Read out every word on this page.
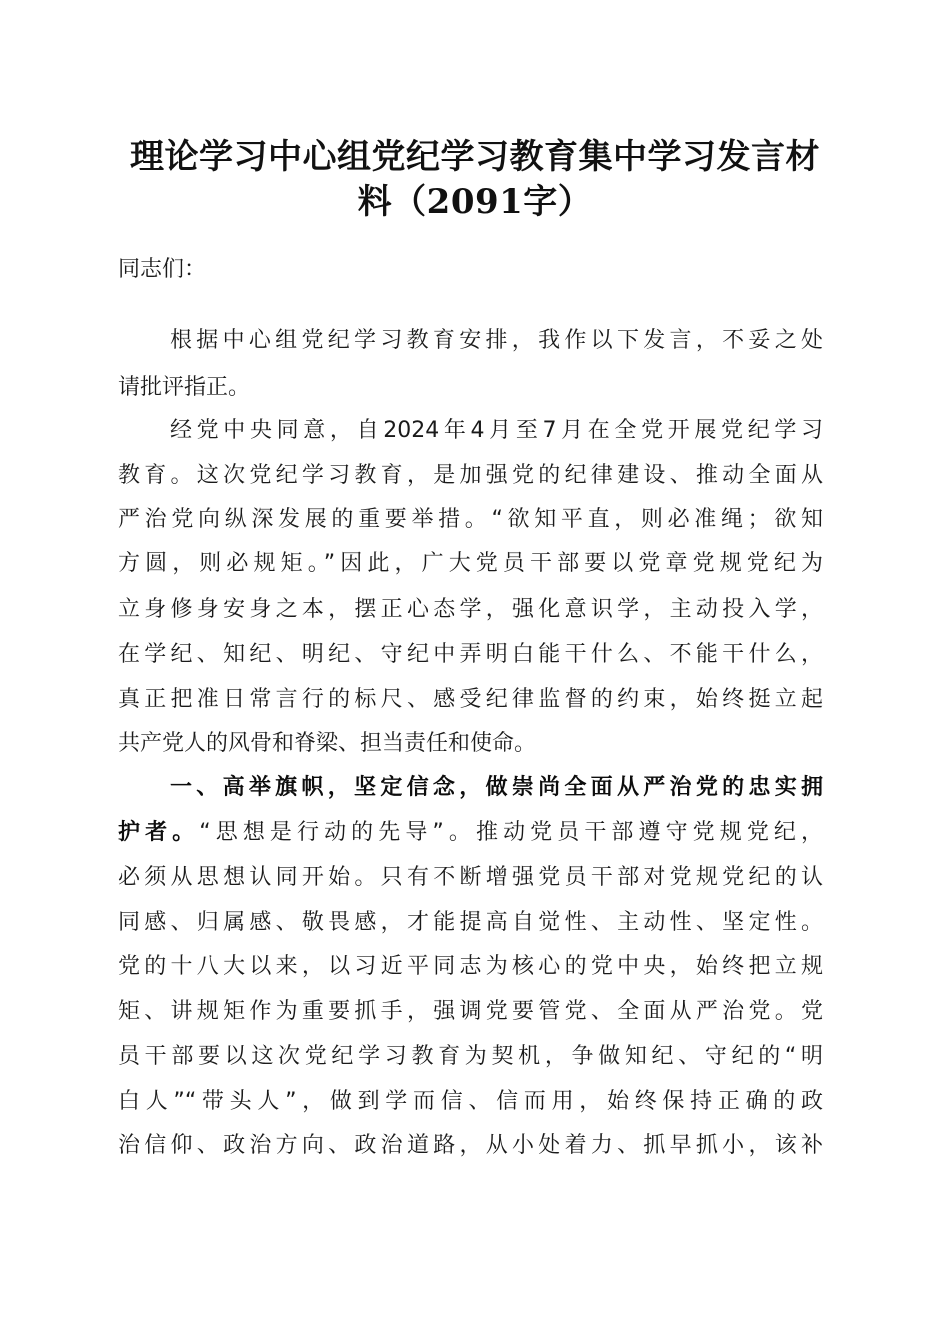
理论学习中心组党纪学习教育集中学习发言材
料（2091字）
同志们：
根据中心组党纪学习教育安排，我作以下发言，不妥之处
请批评指正。
经党中央同意，自2024年4月至7月在全党开展党纪学习
教育。这次党纪学习教育，是加强党的纪律建设、推动全面从
严治党向纵深发展的重要举措。“欲知平直，则必准绳；欲知
方圆，则必规矩。”因此，广大党员干部要以党章党规党纪为
立身修身安身之本，摆正心态学，强化意识学，主动投入学，
在学纪、知纪、明纪、守纪中弄明白能干什么、不能干什么，
真正把准日常言行的标尺、感受纪律监督的约束，始终挺立起
共产党人的风骨和脊梁、担当责任和使命。
一、高举旗帜，坚定信念，做崇尚全面从严治党的忠实拥
护者。“思想是行动的先导”。推动党员干部遵守党规党纪，
必须从思想认同开始。只有不断增强党员干部对党规党纪的认
同感、归属感、敬畏感，才能提高自觉性、主动性、坚定性。
党的十八大以来，以习近平同志为核心的党中央，始终把立规
矩、讲规矩作为重要抓手，强调党要管党、全面从严治党。党
员干部要以这次党纪学习教育为契机，争做知纪、守纪的“明
白人”“带头人”，做到学而信、信而用，始终保持正确的政
治信仰、政治方向、政治道路，从小处着力、抓早抓小，该补
